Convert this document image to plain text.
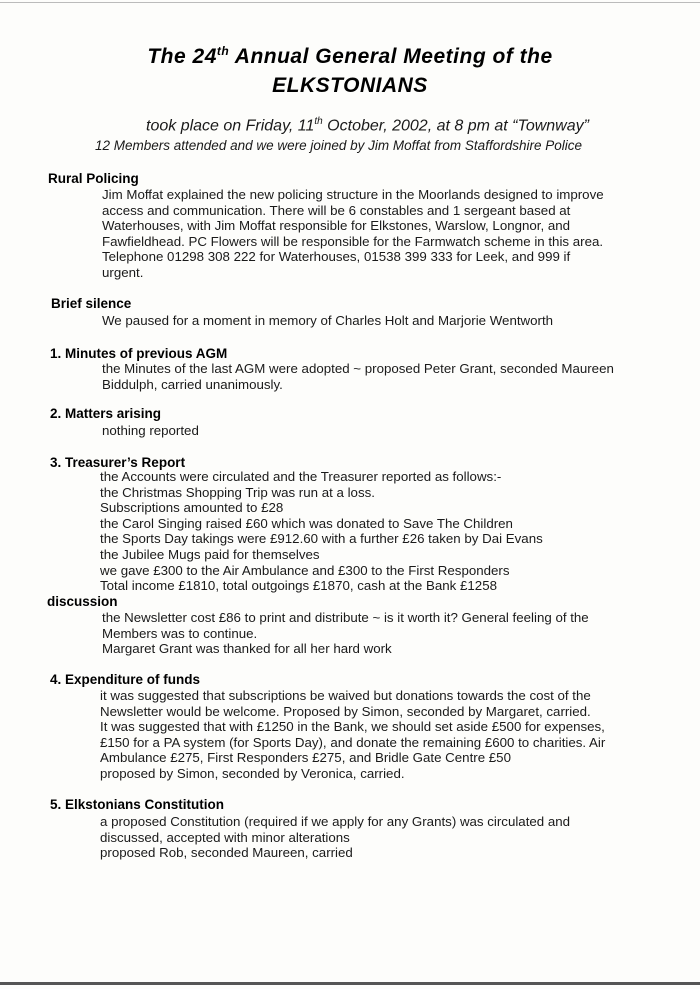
The 24th Annual General Meeting of the
ELKSTONIANS
took place on Friday, 11th October, 2002, at 8 pm at “Townway”
12 Members attended and we were joined by Jim Moffat from Staffordshire Police
Rural Policing
Jim Moffat explained the new policing structure in the Moorlands designed to improve
access and communication. There will be 6 constables and 1 sergeant based at
Waterhouses, with Jim Moffat responsible for Elkstones, Warslow, Longnor, and
Fawfieldhead. PC Flowers will be responsible for the Farmwatch scheme in this area.
Telephone 01298 308 222 for Waterhouses, 01538 399 333 for Leek, and 999 if
urgent.
Brief silence
We paused for a moment in memory of Charles Holt and Marjorie Wentworth
1. Minutes of previous AGM
the Minutes of the last AGM were adopted ~ proposed Peter Grant, seconded Maureen
Biddulph, carried unanimously.
2. Matters arising
nothing reported
3. Treasurer’s Report
the Accounts were circulated and the Treasurer reported as follows:-
the Christmas Shopping Trip was run at a loss.
Subscriptions amounted to £28
the Carol Singing raised £60 which was donated to Save The Children
the Sports Day takings were £912.60 with a further £26 taken by Dai Evans
the Jubilee Mugs paid for themselves
we gave £300 to the Air Ambulance and £300 to the First Responders
Total income £1810, total outgoings £1870, cash at the Bank £1258
discussion
the Newsletter cost £86 to print and distribute ~ is it worth it? General feeling of the
Members was to continue.
Margaret Grant was thanked for all her hard work
4. Expenditure of funds
it was suggested that subscriptions be waived but donations towards the cost of the
Newsletter would be welcome. Proposed by Simon, seconded by Margaret, carried.
It was suggested that with £1250 in the Bank, we should set aside £500 for expenses,
£150 for a PA system (for Sports Day), and donate the remaining £600 to charities. Air
Ambulance £275, First Responders £275, and Bridle Gate Centre £50
proposed by Simon, seconded by Veronica, carried.
5. Elkstonians Constitution
a proposed Constitution (required if we apply for any Grants) was circulated and
discussed, accepted with minor alterations
proposed Rob, seconded Maureen, carried
